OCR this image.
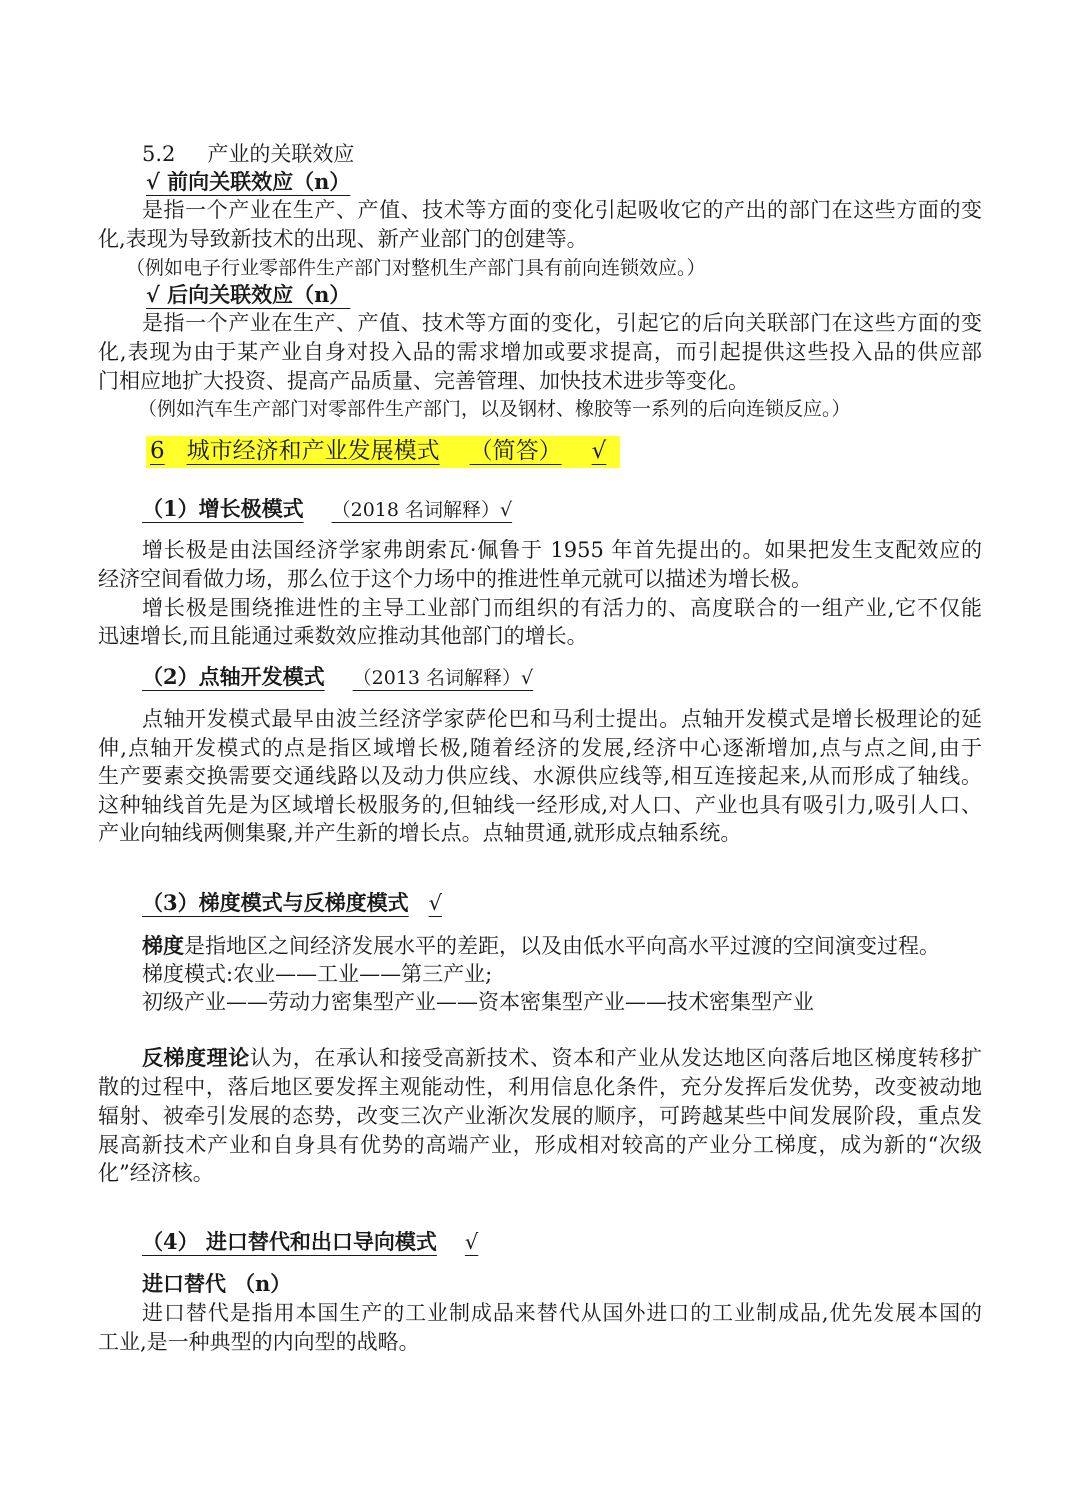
5.2 产业的关联效应
√ 前向关联效应（n）
是指一个产业在生产、产值、技术等方面的变化引起吸收它的产出的部门在这些方面的变
化,表现为导致新技术的出现、新产业部门的创建等。
（例如电子行业零部件生产部门对整机生产部门具有前向连锁效应。）
√ 后向关联效应（n）
是指一个产业在生产、产值、技术等方面的变化，引起它的后向关联部门在这些方面的变
化,表现为由于某产业自身对投入品的需求增加或要求提高，而引起提供这些投入品的供应部
门相应地扩大投资、提高产品质量、完善管理、加快技术进步等变化。
（例如汽车生产部门对零部件生产部门，以及钢材、橡胶等一系列的后向连锁反应。）
6 城市经济和产业发展模式 （简答） √
（1）增长极模式 （2018 名词解释）√
增长极是由法国经济学家弗朗索瓦·佩鲁于 1955 年首先提出的。如果把发生支配效应的
经济空间看做力场，那么位于这个力场中的推进性单元就可以描述为增长极。
增长极是围绕推进性的主导工业部门而组织的有活力的、高度联合的一组产业,它不仅能
迅速增长,而且能通过乘数效应推动其他部门的增长。
（2）点轴开发模式 （2013 名词解释）√
点轴开发模式最早由波兰经济学家萨伦巴和马利士提出。点轴开发模式是增长极理论的延
伸,点轴开发模式的点是指区域增长极,随着经济的发展,经济中心逐渐增加,点与点之间,由于
生产要素交换需要交通线路以及动力供应线、水源供应线等,相互连接起来,从而形成了轴线。
这种轴线首先是为区域增长极服务的,但轴线一经形成,对人口、产业也具有吸引力,吸引人口、
产业向轴线两侧集聚,并产生新的增长点。点轴贯通,就形成点轴系统。
（3）梯度模式与反梯度模式 √
梯度是指地区之间经济发展水平的差距，以及由低水平向高水平过渡的空间演变过程。
梯度模式:农业——工业——第三产业;
初级产业——劳动力密集型产业——资本密集型产业——技术密集型产业
反梯度理论认为，在承认和接受高新技术、资本和产业从发达地区向落后地区梯度转移扩
散的过程中，落后地区要发挥主观能动性，利用信息化条件，充分发挥后发优势，改变被动地
辐射、被牵引发展的态势，改变三次产业渐次发展的顺序，可跨越某些中间发展阶段，重点发
展高新技术产业和自身具有优势的高端产业，形成相对较高的产业分工梯度，成为新的“次级
化”经济核。
（4） 进口替代和出口导向模式 √
进口替代 （n）
进口替代是指用本国生产的工业制成品来替代从国外进口的工业制成品,优先发展本国的
工业,是一种典型的内向型的战略。
